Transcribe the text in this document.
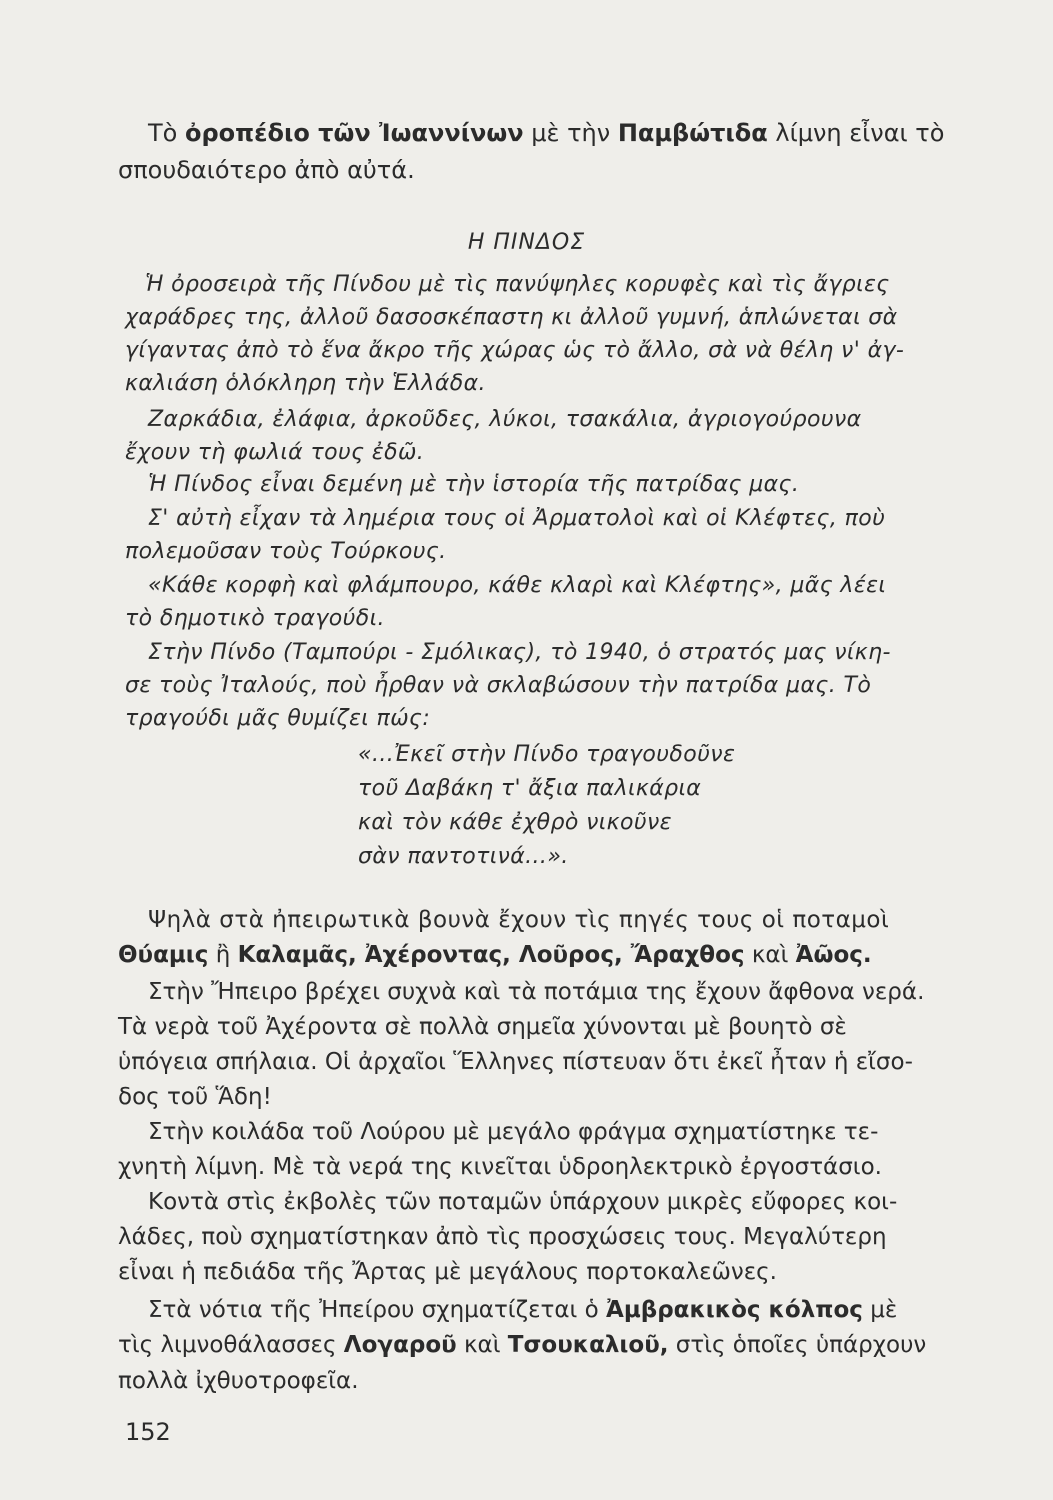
Τὸ ὀροπέδιο τῶν Ἰωαννίνων μὲ τὴν Παμβώτιδα λίμνη εἶναι τὸ
σπουδαιότερο ἀπὸ αὐτά.
Η ΠΙΝΔΟΣ
Ἡ ὀροσειρὰ τῆς Πίνδου μὲ τὶς πανύψηλες κορυφὲς καὶ τὶς ἄγριες
χαράδρες της, ἀλλοῦ δασοσκέπαστη κι ἀλλοῦ γυμνή, ἁπλώνεται σὰ
γίγαντας ἀπὸ τὸ ἕνα ἄκρο τῆς χώρας ὡς τὸ ἄλλο, σὰ νὰ θέλη ν' ἀγ-
καλιάση ὁλόκληρη τὴν Ἑλλάδα.
Ζαρκάδια, ἐλάφια, ἀρκοῦδες, λύκοι, τσακάλια, ἀγριογούρουνα
ἔχουν τὴ φωλιά τους ἐδῶ.
Ἡ Πίνδος εἶναι δεμένη μὲ τὴν ἱστορία τῆς πατρίδας μας.
Σ' αὐτὴ εἶχαν τὰ λημέρια τους οἱ Ἀρματολοὶ καὶ οἱ Κλέφτες, ποὺ
πολεμοῦσαν τοὺς Τούρκους.
«Κάθε κορφὴ καὶ φλάμπουρο, κάθε κλαρὶ καὶ Κλέφτης», μᾶς λέει
τὸ δημοτικὸ τραγούδι.
Στὴν Πίνδο (Ταμπούρι - Σμόλικας), τὸ 1940, ὁ στρατός μας νίκη-
σε τοὺς Ἰταλούς, ποὺ ἦρθαν νὰ σκλαβώσουν τὴν πατρίδα μας. Τὸ
τραγούδι μᾶς θυμίζει πώς:
«...Ἐκεῖ στὴν Πίνδο τραγουδοῦνε
τοῦ Δαβάκη τ' ἄξια παλικάρια
καὶ τὸν κάθε ἐχθρὸ νικοῦνε
σὰν παντοτινά...».
Ψηλὰ στὰ ἠπειρωτικὰ βουνὰ ἔχουν τὶς πηγές τους οἱ ποταμοὶ
Θύαμις ἢ Καλαμᾶς, Ἀχέροντας, Λοῦρος, Ἄραχθος καὶ Ἀῶος.
Στὴν Ἤπειρο βρέχει συχνὰ καὶ τὰ ποτάμια της ἔχουν ἄφθονα νερά.
Τὰ νερὰ τοῦ Ἀχέροντα σὲ πολλὰ σημεῖα χύνονται μὲ βουητὸ σὲ
ὑπόγεια σπήλαια. Οἱ ἀρχαῖοι Ἕλληνες πίστευαν ὅτι ἐκεῖ ἦταν ἡ εἴσο-
δος τοῦ Ἅδη!
Στὴν κοιλάδα τοῦ Λούρου μὲ μεγάλο φράγμα σχηματίστηκε τε-
χνητὴ λίμνη. Μὲ τὰ νερά της κινεῖται ὑδροηλεκτρικὸ ἐργοστάσιο.
Κοντὰ στὶς ἐκβολὲς τῶν ποταμῶν ὑπάρχουν μικρὲς εὔφορες κοι-
λάδες, ποὺ σχηματίστηκαν ἀπὸ τὶς προσχώσεις τους. Μεγαλύτερη
εἶναι ἡ πεδιάδα τῆς Ἄρτας μὲ μεγάλους πορτοκαλεῶνες.
Στὰ νότια τῆς Ἠπείρου σχηματίζεται ὁ Ἀμβρακικὸς κόλπος μὲ
τὶς λιμνοθάλασσες Λογαροῦ καὶ Τσουκαλιοῦ, στὶς ὁποῖες ὑπάρχουν
πολλὰ ἰχθυοτροφεῖα.
152
